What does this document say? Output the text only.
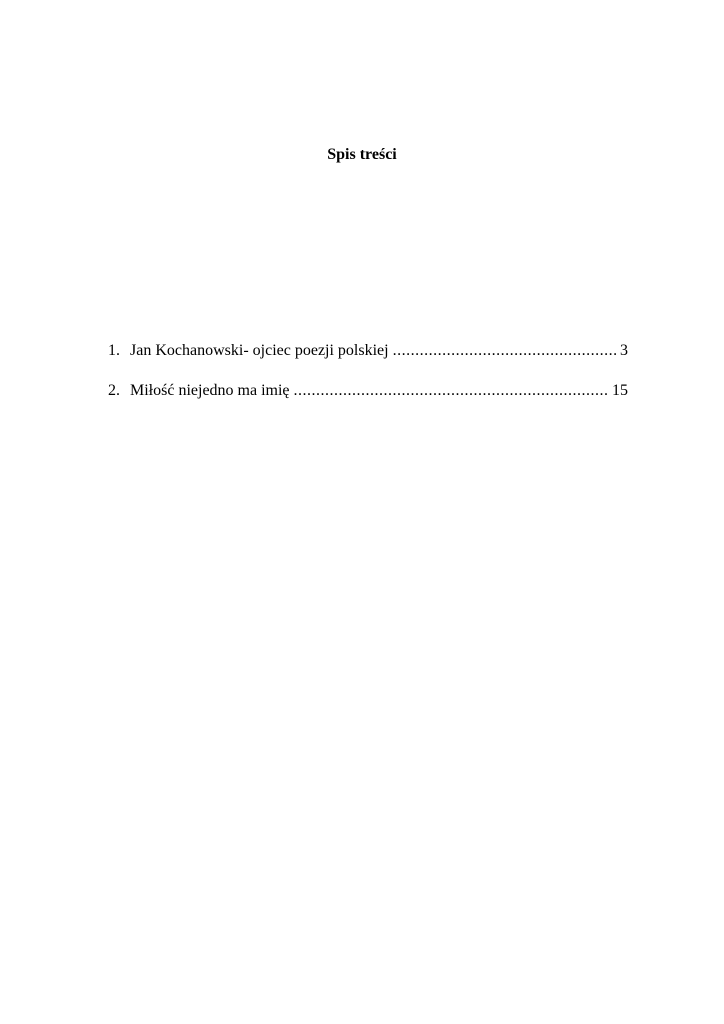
Spis treści
1. Jan Kochanowski- ojciec poezji polskiej .....	3
2. Miłość niejedno ma imię .....	15
